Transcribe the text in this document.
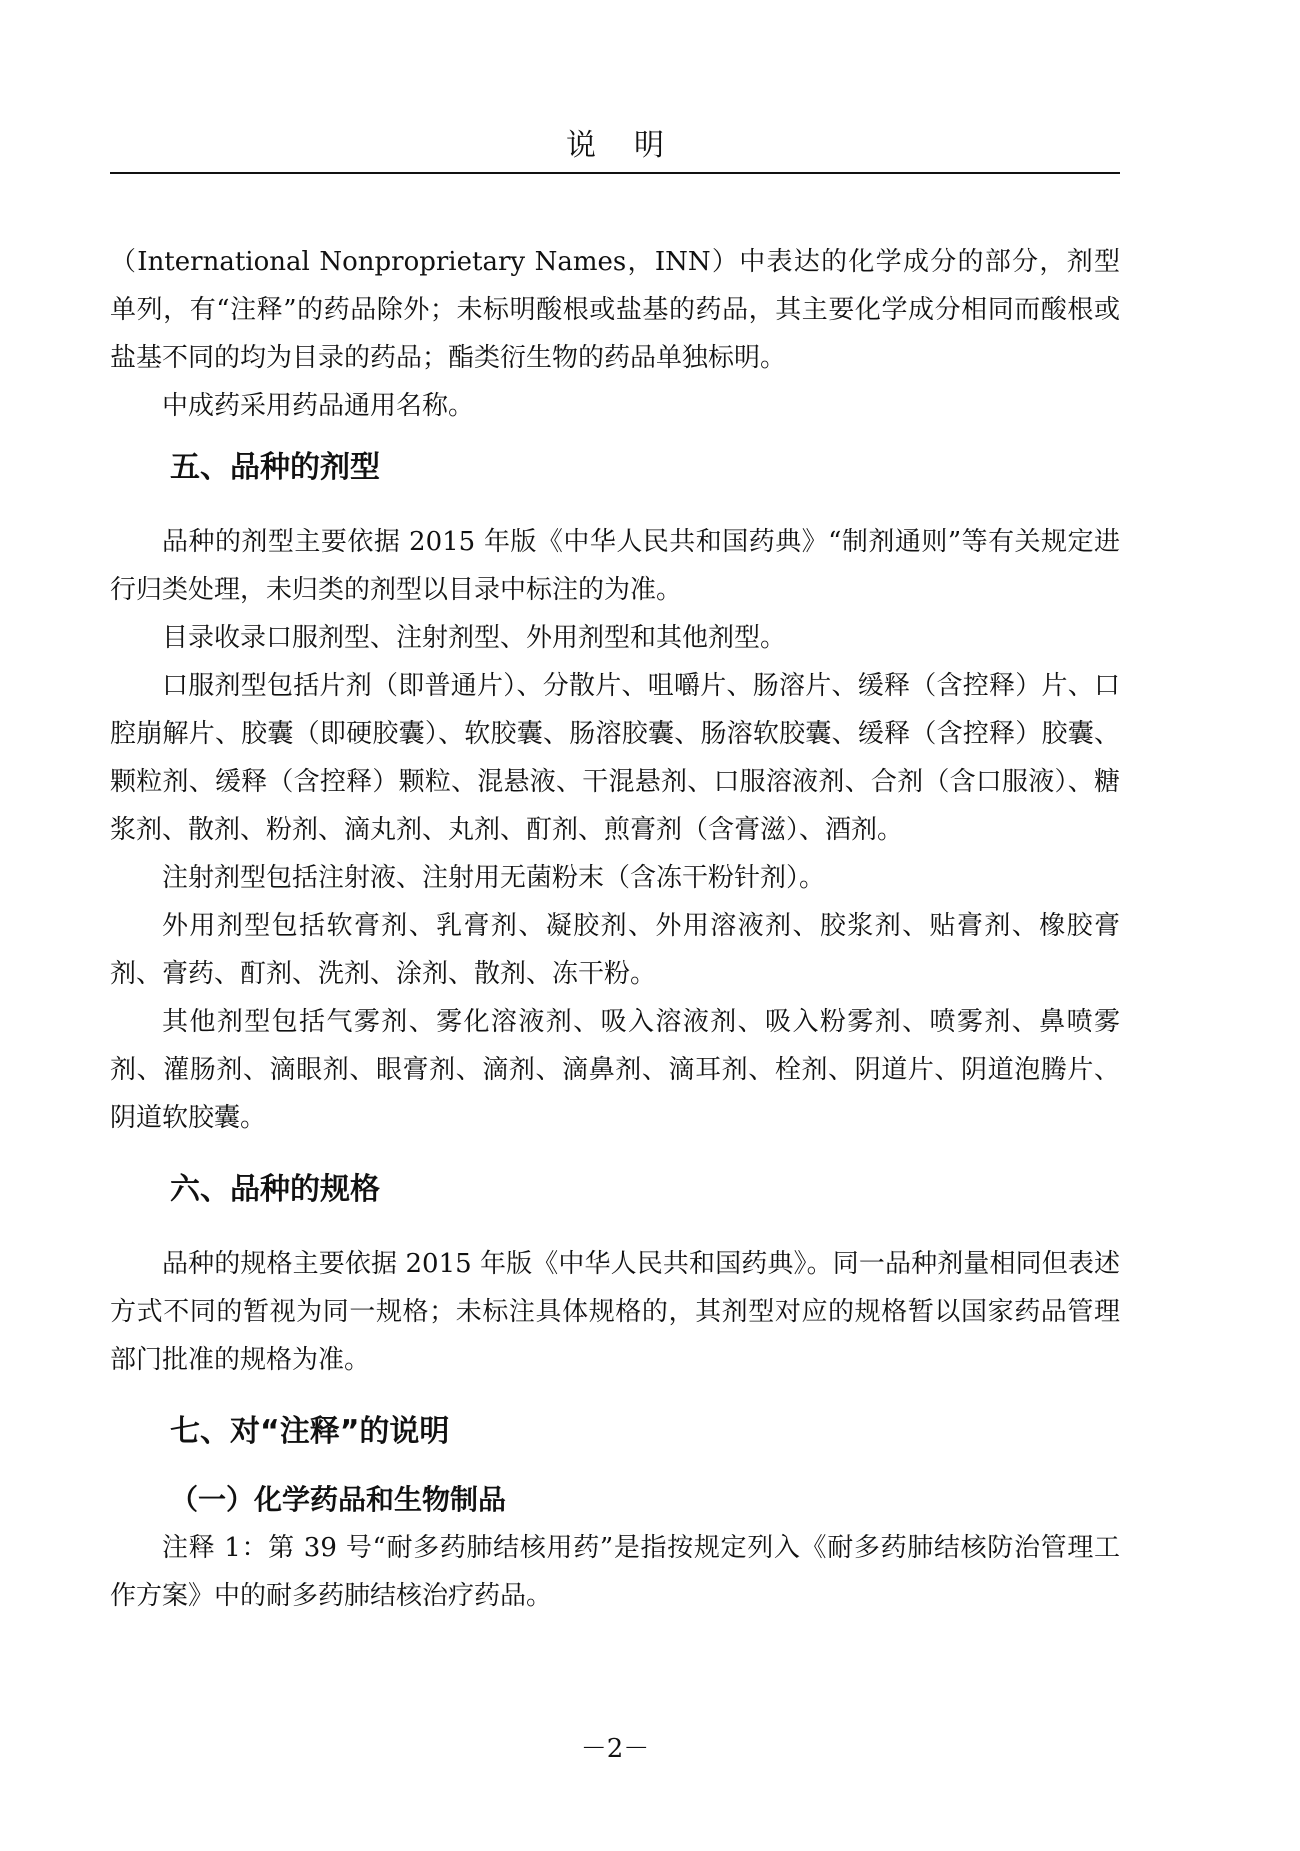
说明

（International Nonproprietary Names，INN）中表达的化学成分的部分，剂型单列，有“注释”的药品除外；未标明酸根或盐基的药品，其主要化学成分相同而酸根或盐基不同的均为目录的药品；酯类衍生物的药品单独标明。

中成药采用药品通用名称。

五、品种的剂型

品种的剂型主要依据 2015 年版《中华人民共和国药典》“制剂通则”等有关规定进行归类处理，未归类的剂型以目录中标注的为准。

目录收录口服剂型、注射剂型、外用剂型和其他剂型。

口服剂型包括片剂（即普通片）、分散片、咀嚼片、肠溶片、缓释（含控释）片、口腔崩解片、胶囊（即硬胶囊）、软胶囊、肠溶胶囊、肠溶软胶囊、缓释（含控释）胶囊、颗粒剂、缓释（含控释）颗粒、混悬液、干混悬剂、口服溶液剂、合剂（含口服液）、糖浆剂、散剂、粉剂、滴丸剂、丸剂、酊剂、煎膏剂（含膏滋）、酒剂。

注射剂型包括注射液、注射用无菌粉末（含冻干粉针剂）。

外用剂型包括软膏剂、乳膏剂、凝胶剂、外用溶液剂、胶浆剂、贴膏剂、橡胶膏剂、膏药、酊剂、洗剂、涂剂、散剂、冻干粉。

其他剂型包括气雾剂、雾化溶液剂、吸入溶液剂、吸入粉雾剂、喷雾剂、鼻喷雾剂、灌肠剂、滴眼剂、眼膏剂、滴剂、滴鼻剂、滴耳剂、栓剂、阴道片、阴道泡腾片、阴道软胶囊。

六、品种的规格

品种的规格主要依据 2015 年版《中华人民共和国药典》。同一品种剂量相同但表述方式不同的暂视为同一规格；未标注具体规格的，其剂型对应的规格暂以国家药品管理部门批准的规格为准。

七、对“注释”的说明
（一）化学药品和生物制品

注释 1：第 39 号“耐多药肺结核用药”是指按规定列入《耐多药肺结核防治管理工作方案》中的耐多药肺结核治疗药品。

－2－
